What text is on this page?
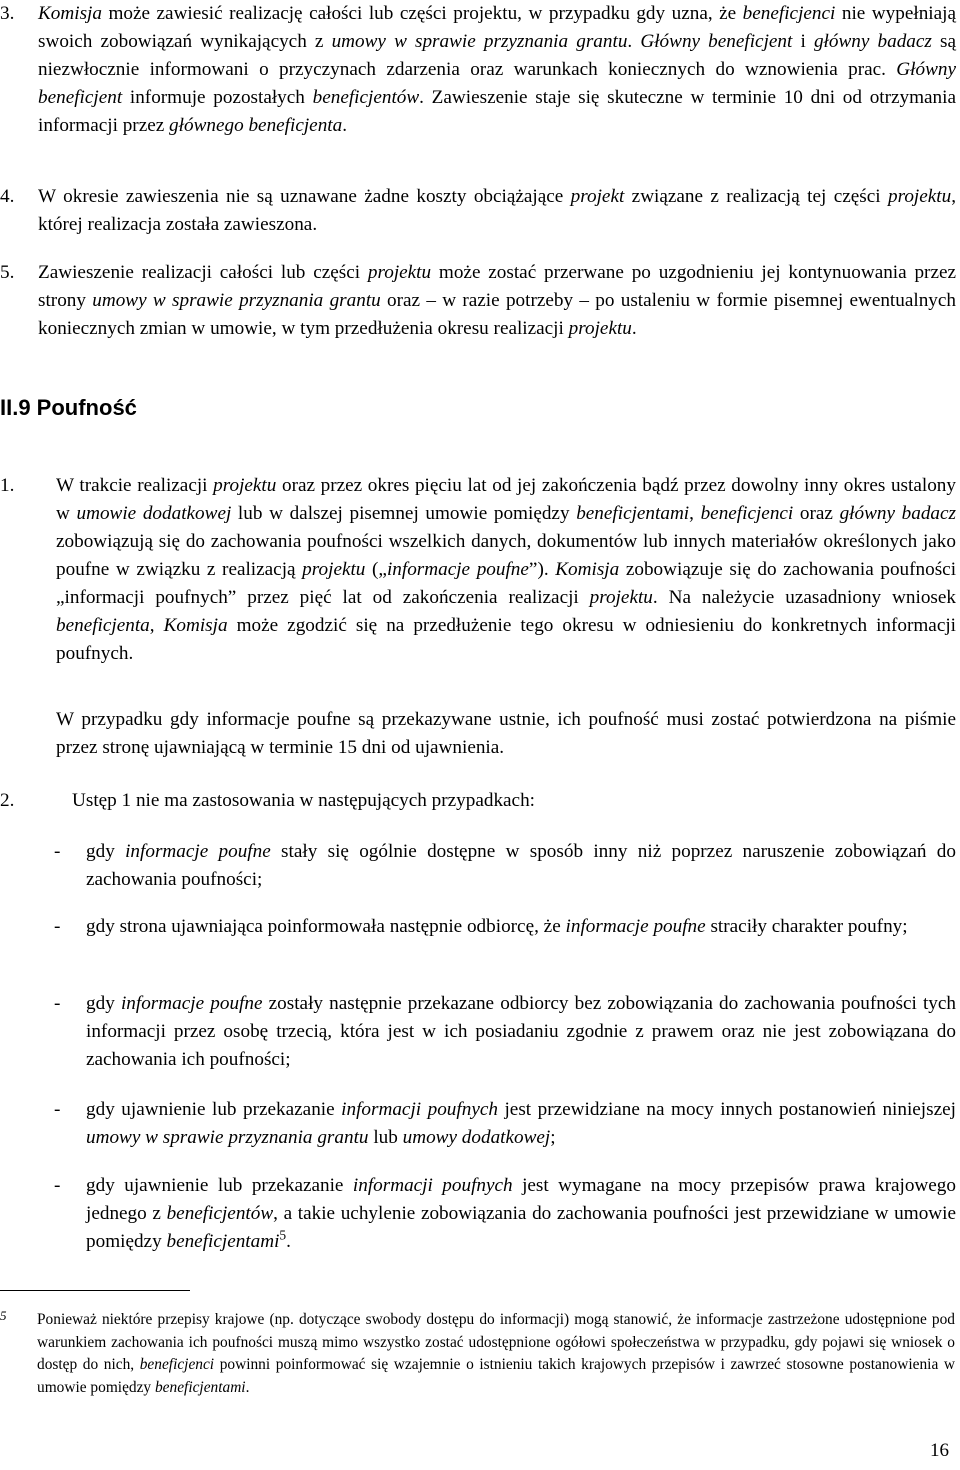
3. Komisja może zawiesić realizację całości lub części projektu, w przypadku gdy uzna, że beneficjenci nie wypełniają swoich zobowiązań wynikających z umowy w sprawie przyznania grantu. Główny beneficjent i główny badacz są niezwłocznie informowani o przyczynach zdarzenia oraz warunkach koniecznych do wznowienia prac. Główny beneficjent informuje pozostałych beneficjentów. Zawieszenie staje się skuteczne w terminie 10 dni od otrzymania informacji przez głównego beneficjenta.
4. W okresie zawieszenia nie są uznawane żadne koszty obciążające projekt związane z realizacją tej części projektu, której realizacja została zawieszona.
5. Zawieszenie realizacji całości lub części projektu może zostać przerwane po uzgodnieniu jej kontynuowania przez strony umowy w sprawie przyznania grantu oraz – w razie potrzeby – po ustaleniu w formie pisemnej ewentualnych koniecznych zmian w umowie, w tym przedłużenia okresu realizacji projektu.
II.9 Poufność
1. W trakcie realizacji projektu oraz przez okres pięciu lat od jej zakończenia bądź przez dowolny inny okres ustalony w umowie dodatkowej lub w dalszej pisemnej umowie pomiędzy beneficjentami, beneficjenci oraz główny badacz zobowiązują się do zachowania poufności wszelkich danych, dokumentów lub innych materiałów określonych jako poufne w związku z realizacją projektu („informacje poufne”). Komisja zobowiązuje się do zachowania poufności „informacji poufnych” przez pięć lat od zakończenia realizacji projektu. Na należycie uzasadniony wniosek beneficjenta, Komisja może zgodzić się na przedłużenie tego okresu w odniesieniu do konkretnych informacji poufnych.
W przypadku gdy informacje poufne są przekazywane ustnie, ich poufność musi zostać potwierdzona na piśmie przez stronę ujawniającą w terminie 15 dni od ujawnienia.
2.	Ustęp 1 nie ma zastosowania w następujących przypadkach:
- gdy informacje poufne stały się ogólnie dostępne w sposób inny niż poprzez naruszenie zobowiązań do zachowania poufności;
- gdy strona ujawniająca poinformowała następnie odbiorcę, że informacje poufne straciły charakter poufny;
- gdy informacje poufne zostały następnie przekazane odbiorcy bez zobowiązania do zachowania poufności tych informacji przez osobę trzecią, która jest w ich posiadaniu zgodnie z prawem oraz nie jest zobowiązana do zachowania ich poufności;
- gdy ujawnienie lub przekazanie informacji poufnych jest przewidziane na mocy innych postanowień niniejszej umowy w sprawie przyznania grantu lub umowy dodatkowej;
- gdy ujawnienie lub przekazanie informacji poufnych jest wymagane na mocy przepisów prawa krajowego jednego z beneficjentów, a takie uchylenie zobowiązania do zachowania poufności jest przewidziane w umowie pomiędzy beneficjentami$^5$.
5 Ponieważ niektóre przepisy krajowe (np. dotyczące swobody dostępu do informacji) mogą stanowić, że informacje zastrzeżone udostępnione pod warunkiem zachowania ich poufności muszą mimo wszystko zostać udostępnione ogółowi społeczeństwa w przypadku, gdy pojawi się wniosek o dostęp do nich, beneficjenci powinni poinformować się wzajemnie o istnieniu takich krajowych przepisów i zawrzeć stosowne postanowienia w umowie pomiędzy beneficjentami.
16
